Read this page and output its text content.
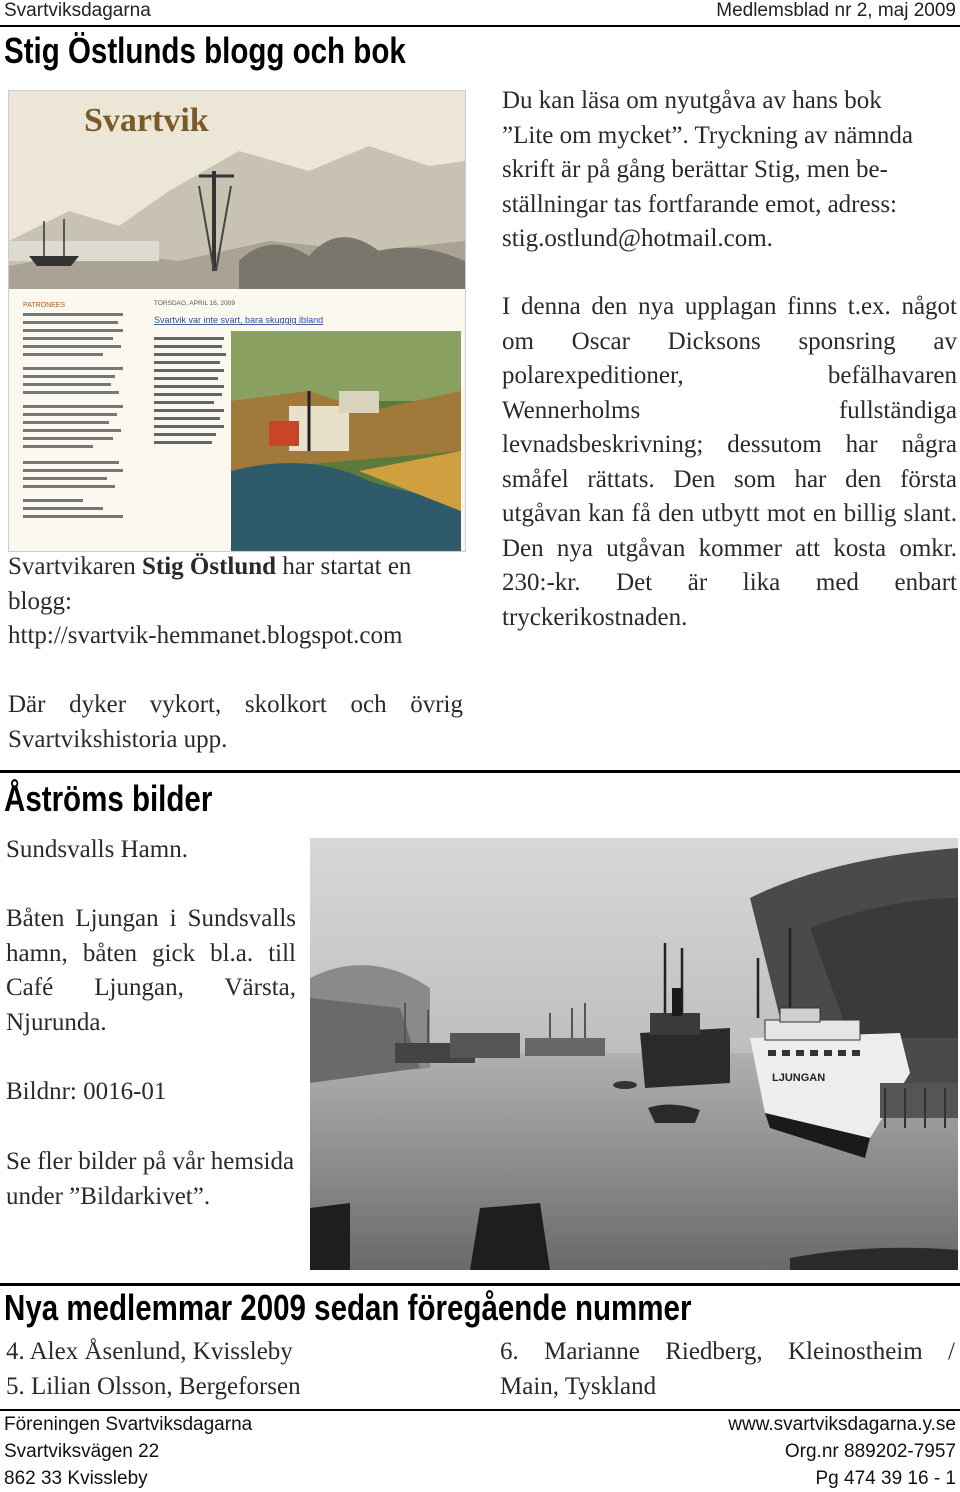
Svartviksdagarna	Medlemsblad nr 2, maj 2009
Stig Östlunds blogg och bok
Svartvik
PATRONEES	TORSDAG, APRIL 16, 2009
Svartvik var inte svart, bara skuggig ibland
Svartvikaren Stig Östlund har startat en blogg:
http://svartvik-hemmanet.blogspot.com
Där dyker vykort, skolkort och övrig Svartvikshistoria upp.
Du kan läsa om nyutgåva av hans bok
”Lite om mycket”. Tryckning av nämnda
skrift är på gång berättar Stig, men be-
ställningar tas fortfarande emot, adress:
stig.ostlund@hotmail.com.
I denna den nya upplagan finns t.ex. något om Oscar Dicksons sponsring av polarexpeditioner, befälhavaren Wennerholms fullständiga levnadsbeskrivning; dessutom har några småfel rättats. Den som har den första utgåvan kan få den utbytt mot en billig slant. Den nya utgåvan kommer att kosta omkr. 230:-kr. Det är lika med enbart tryckerikostnaden.
Åströms bilder
Sundsvalls Hamn.
Båten Ljungan i Sundsvalls hamn, båten gick bl.a. till Café Ljungan, Värsta, Njurunda.
Bildnr: 0016-01
Se fler bilder på vår hemsida under ”Bildarkivet”.
LJUNGAN
Nya medlemmar 2009 sedan föregående nummer
4. Alex Åsenlund, Kvissleby
5. Lilian Olsson, Bergeforsen
6. Marianne Riedberg, Kleinostheim /
Main, Tyskland
Föreningen Svartviksdagarna
Svartviksvägen 22
862 33 Kvissleby
www.svartviksdagarna.y.se
Org.nr 889202-7957
Pg 474 39 16 - 1
